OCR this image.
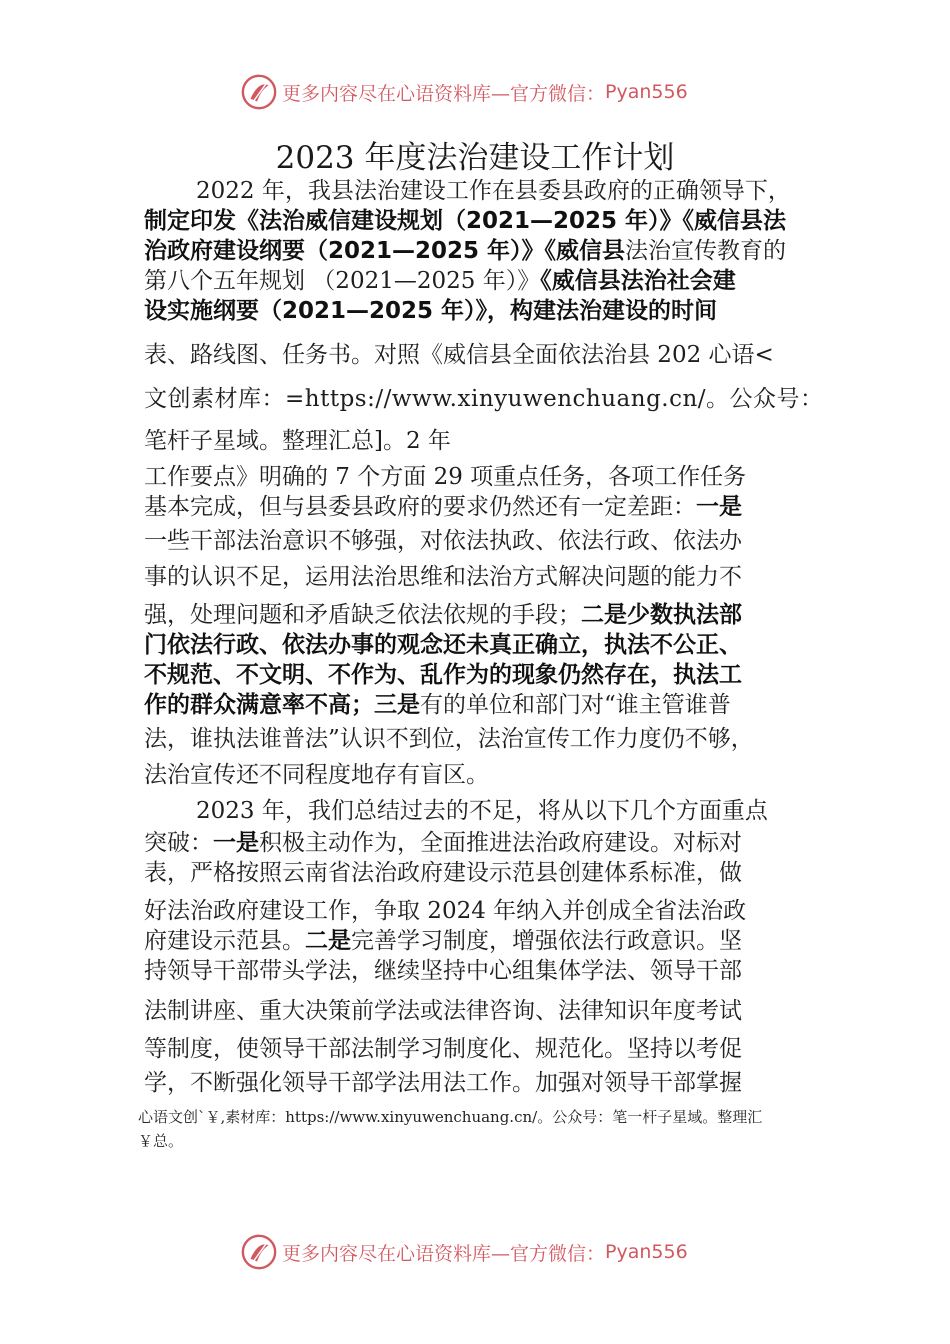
更多内容尽在心语资料库—官方微信： Pyan556
2023 年度法治建设工作计划

2022 年，我县法治建设工作在县委县政府的正确领导下，

制定印发《法治威信建设规划（2021—2025 年）》《威信县法

治政府建设纲要（2021—2025 年）》《威信县法治宣传教育的

第八个五年规划 （2021—2025 年）》《威信县法治社会建

设实施纲要（2021—2025 年）》，构建法治建设的时间

表、路线图、任务书。对照《威信县全面依法治县 202 心语<

文创素材库：=https://www.xinyuwenchuang.cn/。公众号：

笔杆子星域。整理汇总]。2 年

工作要点》明确的 7 个方面 29 项重点任务，各项工作任务

基本完成，但与县委县政府的要求仍然还有一定差距：一是

一些干部法治意识不够强，对依法执政、依法行政、依法办

事的认识不足，运用法治思维和法治方式解决问题的能力不

强，处理问题和矛盾缺乏依法依规的手段；二是少数执法部

门依法行政、依法办事的观念还未真正确立，执法不公正、

不规范、不文明、不作为、乱作为的现象仍然存在，执法工

作的群众满意率不高；三是有的单位和部门对“谁主管谁普

法，谁执法谁普法”认识不到位，法治宣传工作力度仍不够，

法治宣传还不同程度地存有盲区。

2023 年，我们总结过去的不足，将从以下几个方面重点

突破：一是积极主动作为，全面推进法治政府建设。对标对

表，严格按照云南省法治政府建设示范县创建体系标准，做

好法治政府建设工作，争取 2024 年纳入并创成全省法治政

府建设示范县。二是完善学习制度，增强依法行政意识。坚

持领导干部带头学法，继续坚持中心组集体学法、领导干部

法制讲座、重大决策前学法或法律咨询、法律知识年度考试

等制度，使领导干部法制学习制度化、规范化。坚持以考促

学，不断强化领导干部学法用法工作。加强对领导干部掌握

心语文创`￥,素材库：https://www.xinyuwenchuang.cn/。公众号：笔一杆子星域。整理汇

￥总。

更多内容尽在心语资料库—官方微信： Pyan556
